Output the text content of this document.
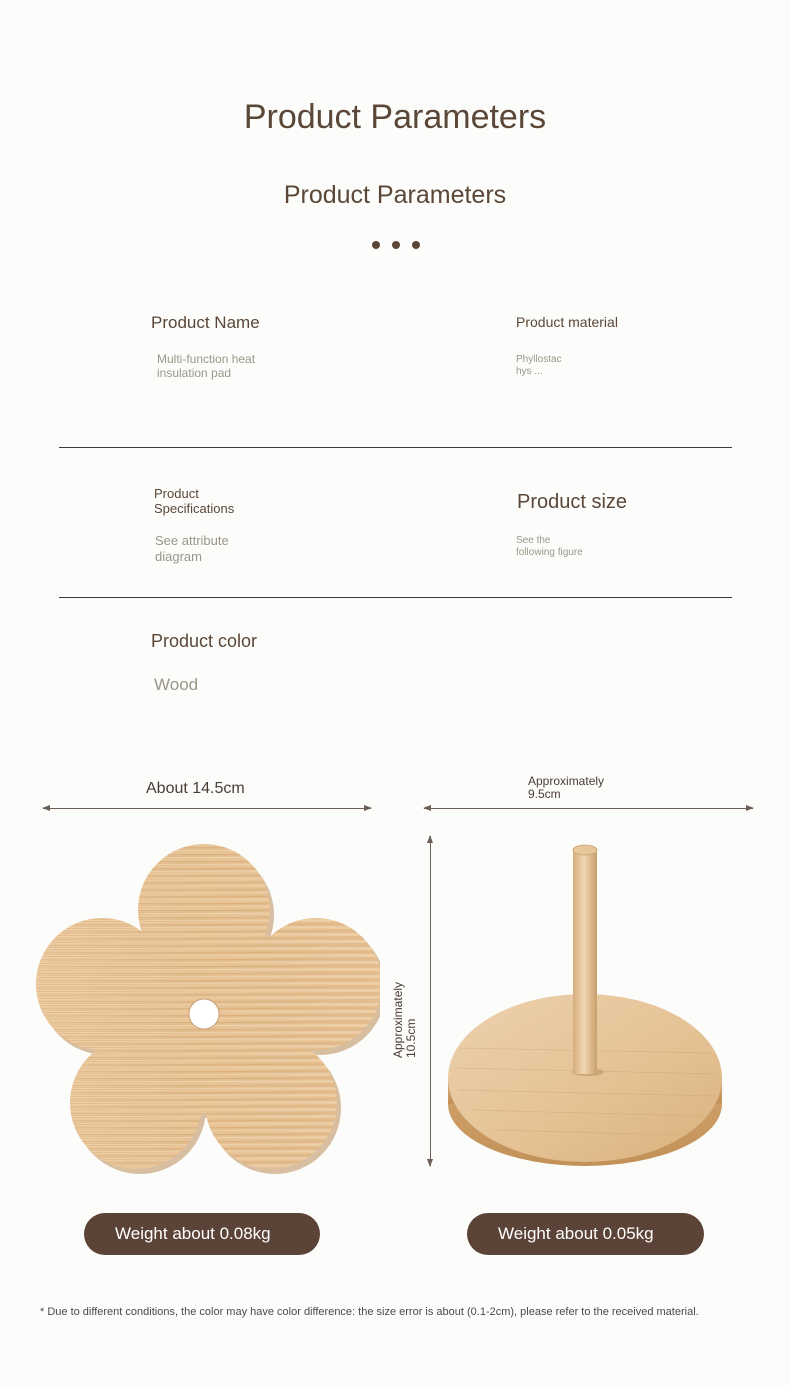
Product Parameters
Product Parameters
Product Name
Multi-function heat
insulation pad
Product material
Phyllostac
hys ...
Product
Specifications
See attribute
diagram
Product size
See the
following figure
Product color
Wood
About 14.5cm	Approximately
9.5cm
Approximately 10.5cm
Weight about 0.08kg	Weight about 0.05kg
* Due to different conditions, the color may have color difference: the size error is about (0.1-2cm), please refer to the received material.
